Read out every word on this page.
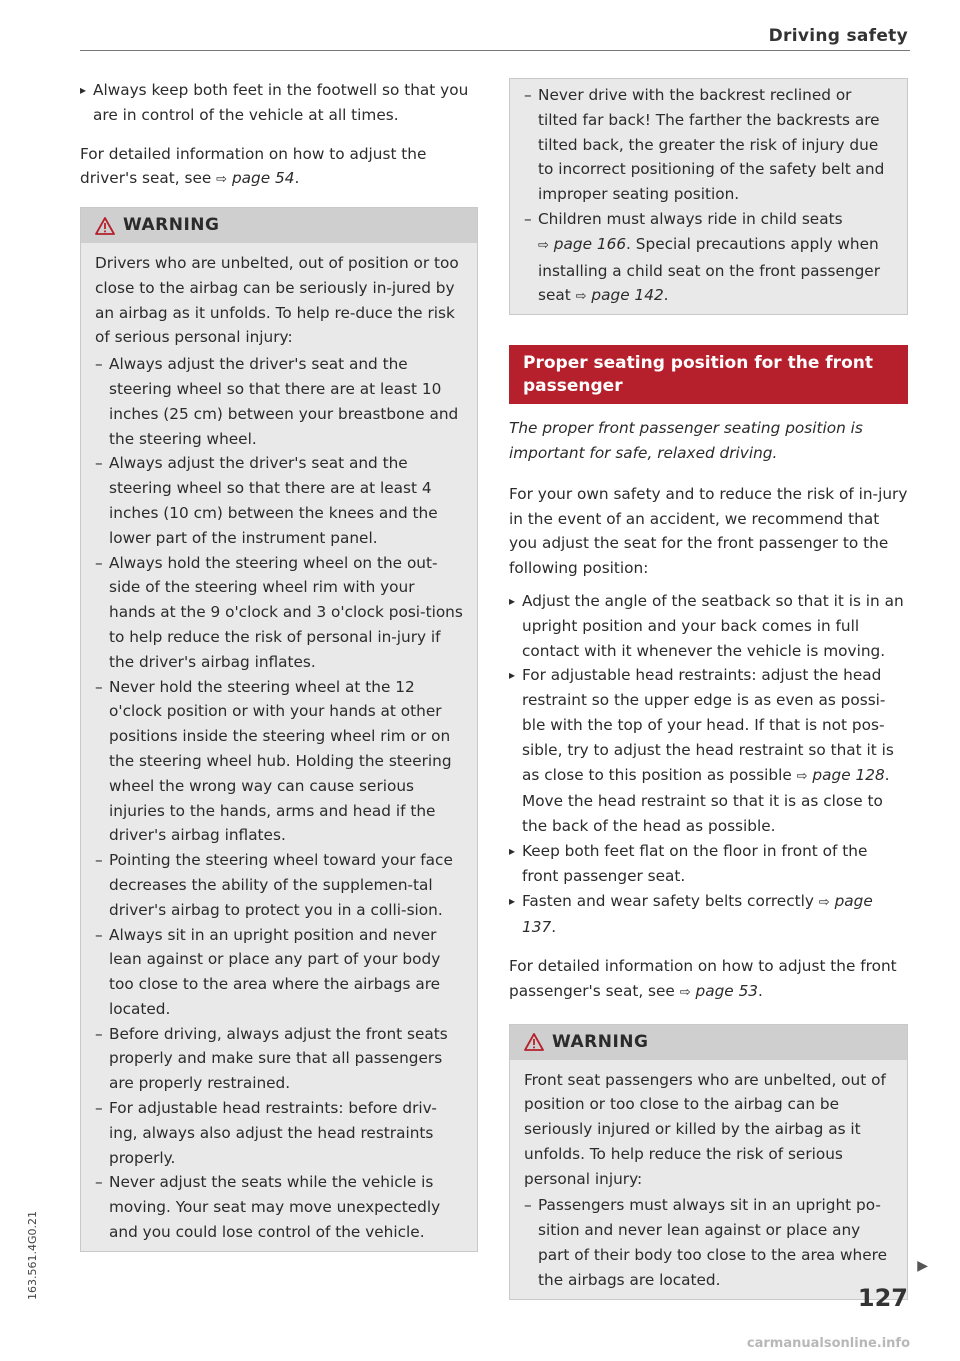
Driving safety

▸ Always keep both feet in the footwell so that you are in control of the vehicle at all times.

For detailed information on how to adjust the driver's seat, see ⇨ page 54.

WARNING
Drivers who are unbelted, out of position or too close to the airbag can be seriously in-jured by an airbag as it unfolds. To help re-duce the risk of serious personal injury:
– Always adjust the driver's seat and the steering wheel so that there are at least 10 inches (25 cm) between your breastbone and the steering wheel.
– Always adjust the driver's seat and the steering wheel so that there are at least 4 inches (10 cm) between the knees and the lower part of the instrument panel.
– Always hold the steering wheel on the out-side of the steering wheel rim with your hands at the 9 o'clock and 3 o'clock posi-tions to help reduce the risk of personal in-jury if the driver's airbag inflates.
– Never hold the steering wheel at the 12 o'clock position or with your hands at other positions inside the steering wheel rim or on the steering wheel hub. Holding the steering wheel the wrong way can cause serious injuries to the hands, arms and head if the driver's airbag inflates.
– Pointing the steering wheel toward your face decreases the ability of the supplemen-tal driver's airbag to protect you in a colli-sion.
– Always sit in an upright position and never lean against or place any part of your body too close to the area where the airbags are located.
– Before driving, always adjust the front seats properly and make sure that all passengers are properly restrained.
– For adjustable head restraints: before driv-ing, always also adjust the head restraints properly.
– Never adjust the seats while the vehicle is moving. Your seat may move unexpectedly and you could lose control of the vehicle.
– Never drive with the backrest reclined or tilted far back! The farther the backrests are tilted back, the greater the risk of injury due to incorrect positioning of the safety belt and improper seating position.
– Children must always ride in child seats ⇨ page 166. Special precautions apply when installing a child seat on the front passenger seat ⇨ page 142.
Proper seating position for the front passenger

The proper front passenger seating position is important for safe, relaxed driving.

For your own safety and to reduce the risk of in-jury in the event of an accident, we recommend that you adjust the seat for the front passenger to the following position:

▸ Adjust the angle of the seatback so that it is in an upright position and your back comes in full contact with it whenever the vehicle is moving.
▸ For adjustable head restraints: adjust the head restraint so the upper edge is as even as possi-ble with the top of your head. If that is not pos-sible, try to adjust the head restraint so that it is as close to this position as possible ⇨ page 128. Move the head restraint so that it is as close to the back of the head as possible.
▸ Keep both feet flat on the floor in front of the front passenger seat.
▸ Fasten and wear safety belts correctly ⇨ page 137.

For detailed information on how to adjust the front passenger's seat, see ⇨ page 53.

WARNING
Front seat passengers who are unbelted, out of position or too close to the airbag can be seriously injured or killed by the airbag as it unfolds. To help reduce the risk of serious personal injury:
– Passengers must always sit in an upright po-sition and never lean against or place any part of their body too close to the area where the airbags are located.
▶
127
163.561.4G0.21
carmanualsonline.info
